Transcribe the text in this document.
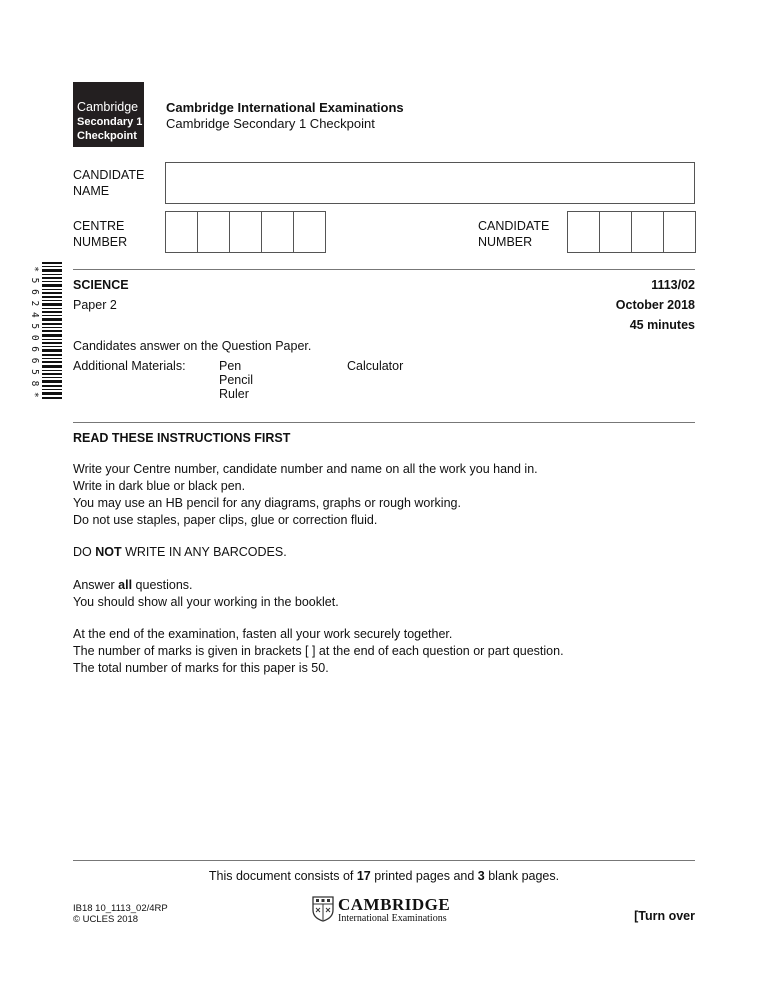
Cambridge
Secondary 1
Checkpoint
Cambridge International Examinations
Cambridge Secondary 1 Checkpoint
CANDIDATE
NAME
CENTRE
NUMBER
CANDIDATE
NUMBER
* 5 6 2 4 5 0 6 6 5 8 *	SCIENCE	1113/02
Paper 2	October 2018
45 minutes
Candidates answer on the Question Paper.
Additional Materials:	Pen
Pencil
Ruler
Calculator
READ THESE INSTRUCTIONS FIRST

Write your Centre number, candidate number and name on all the work you hand in.

Write in dark blue or black pen.

You may use an HB pencil for any diagrams, graphs or rough working.

Do not use staples, paper clips, glue or correction fluid.

DO NOT WRITE IN ANY BARCODES.

Answer all questions.

You should show all your working in the booklet.

At the end of the examination, fasten all your work securely together.

The number of marks is given in brackets [ ] at the end of each question or part question.

The total number of marks for this paper is 50.

This document consists of 17 printed pages and 3 blank pages.
IB18 10_1113_02/4RP
© UCLES 2018
CAMBRIDGE
International Examinations	[Turn over
